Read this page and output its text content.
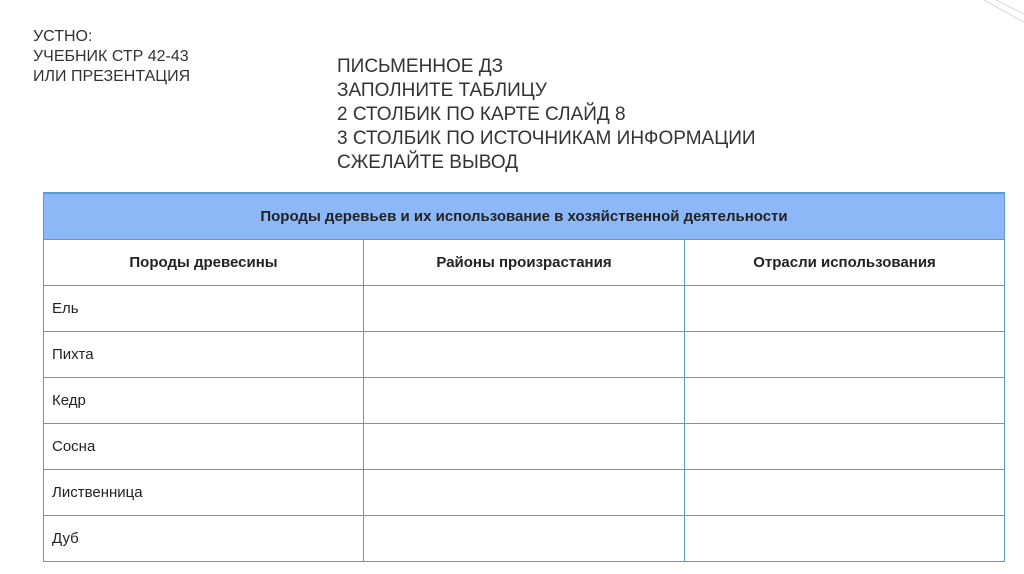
УСТНО:
УЧЕБНИК СТР 42-43
ИЛИ ПРЕЗЕНТАЦИЯ	ПИСЬМЕННОЕ ДЗ
ЗАПОЛНИТЕ ТАБЛИЦУ
2 СТОЛБИК ПО КАРТЕ СЛАЙД 8
3 СТОЛБИК ПО ИСТОЧНИКАМ ИНФОРМАЦИИ
СЖЕЛАЙТЕ ВЫВОД
Породы деревьев и их использование в хозяйственной деятельности		
Породы древесины	Районы произрастания	Отрасли использования
Ель		
Пихта		
Кедр		
Сосна		
Лиственница		
Дуб		
